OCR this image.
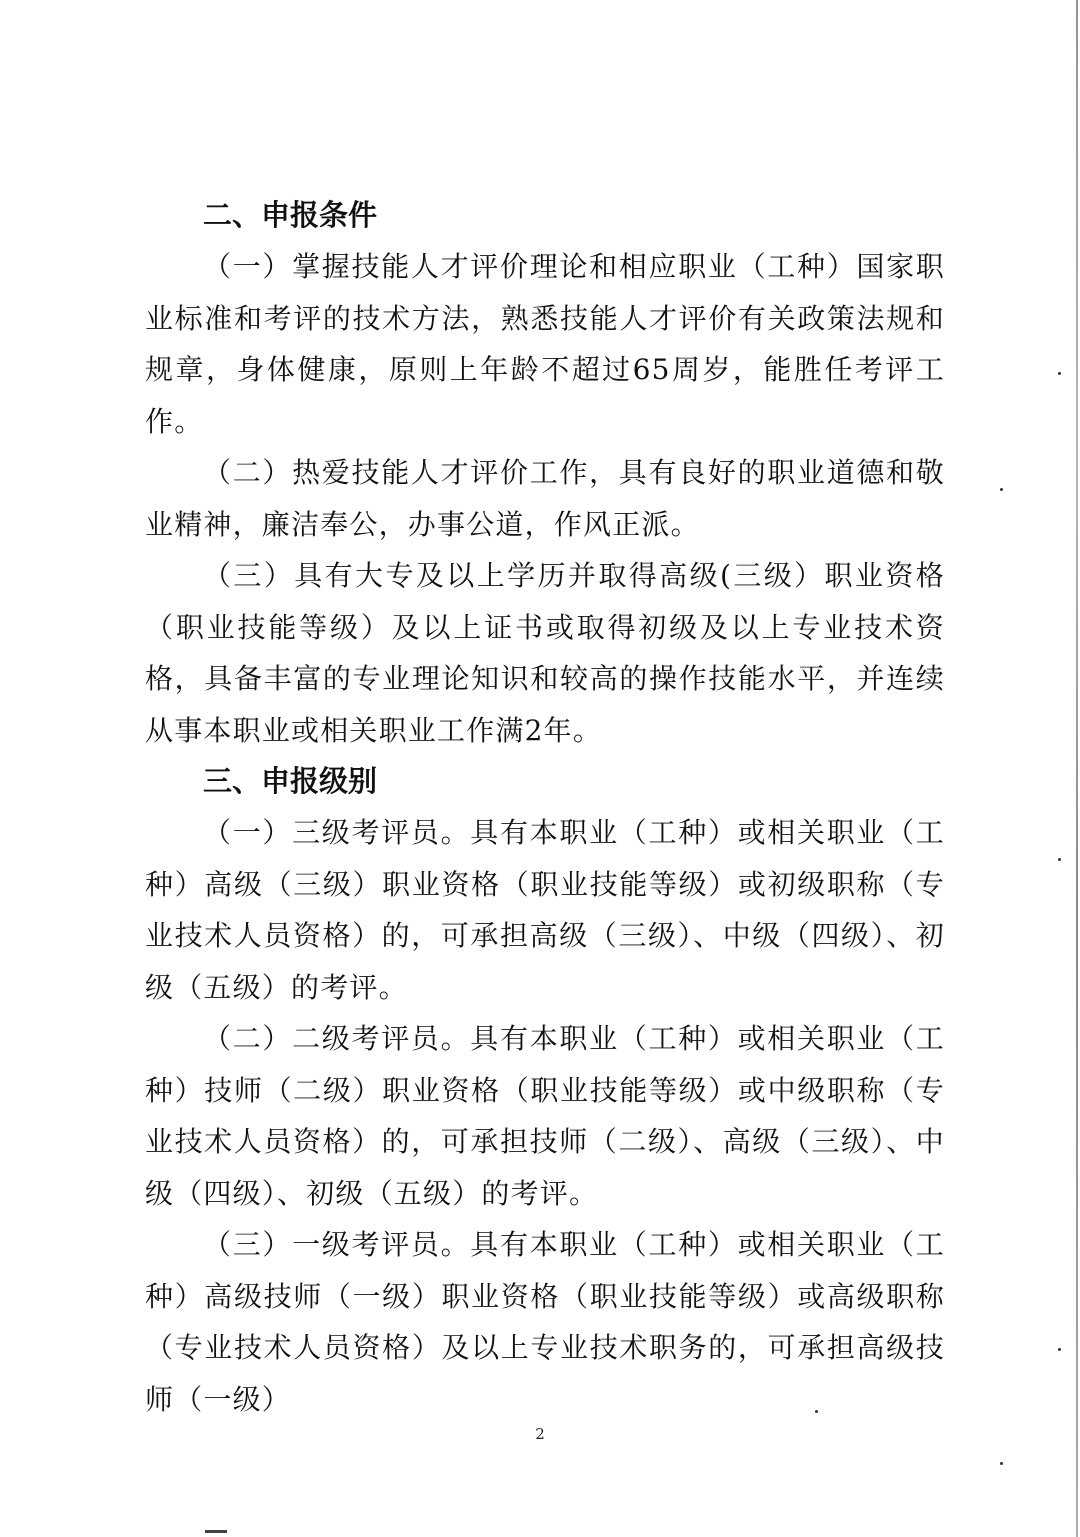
二、申报条件

（一）掌握技能人才评价理论和相应职业（工种）国家职业标准和考评的技术方法，熟悉技能人才评价有关政策法规和规章，身体健康，原则上年龄不超过65周岁，能胜任考评工作。

（二）热爱技能人才评价工作，具有良好的职业道德和敬业精神，廉洁奉公，办事公道，作风正派。

（三）具有大专及以上学历并取得高级(三级）职业资格（职业技能等级）及以上证书或取得初级及以上专业技术资格，具备丰富的专业理论知识和较高的操作技能水平，并连续从事本职业或相关职业工作满2年。

三、申报级别

（一）三级考评员。具有本职业（工种）或相关职业（工种）高级（三级）职业资格（职业技能等级）或初级职称（专业技术人员资格）的，可承担高级（三级）、中级（四级）、初级（五级）的考评。

（二）二级考评员。具有本职业（工种）或相关职业（工种）技师（二级）职业资格（职业技能等级）或中级职称（专业技术人员资格）的，可承担技师（二级）、高级（三级）、中级（四级）、初级（五级）的考评。

（三）一级考评员。具有本职业（工种）或相关职业（工种）高级技师（一级）职业资格（职业技能等级）或高级职称（专业技术人员资格）及以上专业技术职务的，可承担高级技师（一级）

2
